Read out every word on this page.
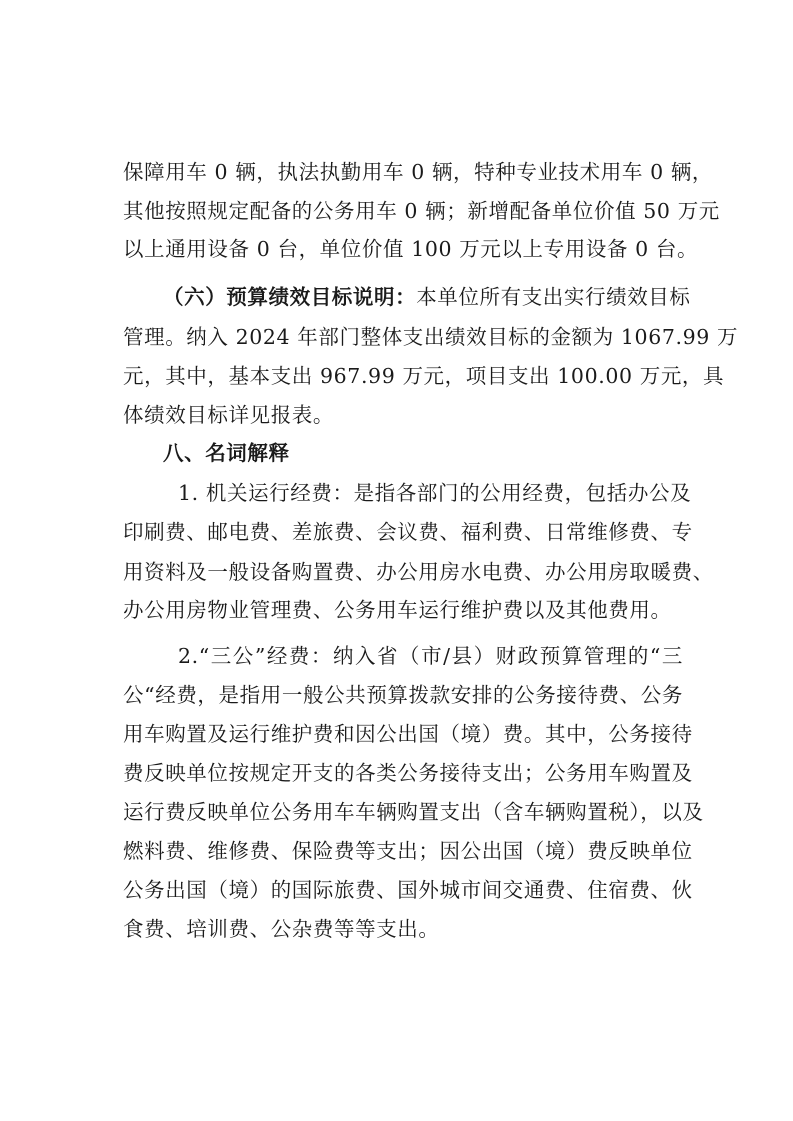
保障用车 0 辆，执法执勤用车 0 辆，特种专业技术用车 0 辆，
其他按照规定配备的公务用车 0 辆；新增配备单位价值 50 万元
以上通用设备 0 台，单位价值 100 万元以上专用设备 0 台。
（六）预算绩效目标说明：本单位所有支出实行绩效目标
管理。纳入 2024 年部门整体支出绩效目标的金额为 1067.99 万
元，其中，基本支出 967.99 万元，项目支出 100.00 万元，具
体绩效目标详见报表。
八、名词解释
1. 机关运行经费：是指各部门的公用经费，包括办公及
印刷费、邮电费、差旅费、会议费、福利费、日常维修费、专
用资料及一般设备购置费、办公用房水电费、办公用房取暖费、
办公用房物业管理费、公务用车运行维护费以及其他费用。
2.“三公”经费：纳入省（市/县）财政预算管理的“三
公“经费，是指用一般公共预算拨款安排的公务接待费、公务
用车购置及运行维护费和因公出国（境）费。其中，公务接待
费反映单位按规定开支的各类公务接待支出；公务用车购置及
运行费反映单位公务用车车辆购置支出（含车辆购置税），以及
燃料费、维修费、保险费等支出；因公出国（境）费反映单位
公务出国（境）的国际旅费、国外城市间交通费、住宿费、伙
食费、培训费、公杂费等等支出。
